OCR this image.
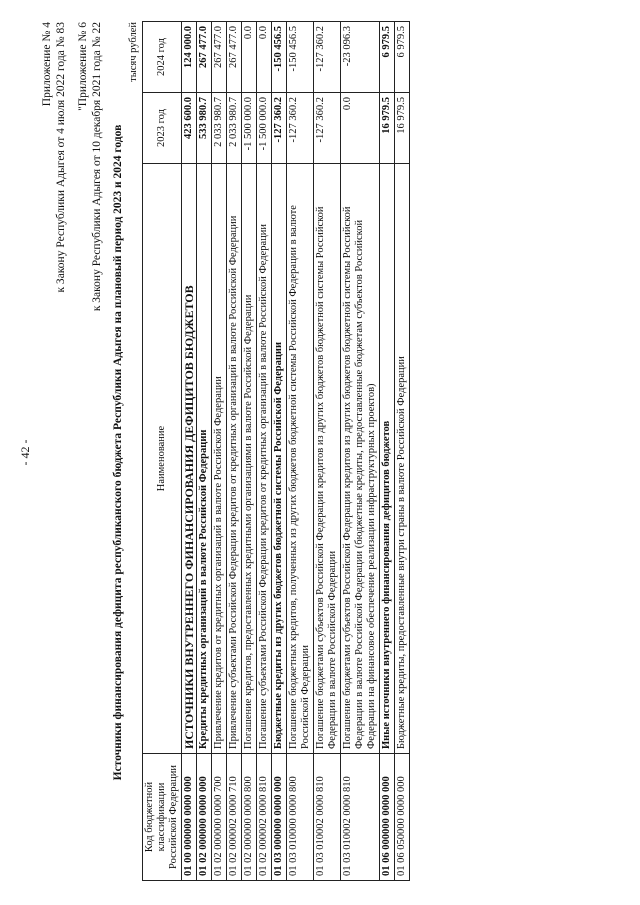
- 42 -
Приложение № 4 к Закону Республики Адыгея от 4 июля 2022 года № 83 "Приложение № 6 к Закону Республики Адыгея от 10 декабря 2021 года № 22 Источники финансирования дефицита республиканского бюджета Республики Адыгея на плановый период 2023 и 2024 годов
тысяч рублей
Код бюджетной классификации Российской Федерации	Наименование	2023 год	2024 год
01 00 000000 0000 000	ИСТОЧНИКИ ВНУТРЕННЕГО ФИНАНСИРОВАНИЯ ДЕФИЦИТОВ БЮДЖЕТОВ	423 600.0	124 000.0
01 02 000000 0000 000	Кредиты кредитных организаций в валюте Российской Федерации	533 980.7	267 477.0
01 02 000000 0000 700	Привлечение кредитов от кредитных организаций в валюте Российской Федерации	2 033 980.7	267 477.0
01 02 000002 0000 710	Привлечение субъектами Российской Федерации кредитов от кредитных организаций в валюте Российской Федерации	2 033 980.7	267 477.0
01 02 000000 0000 800	Погашение кредитов, предоставленных кредитными организациями в валюте Российской Федерации	-1 500 000.0	0.0
01 02 000002 0000 810	Погашение субъектами Российской Федерации кредитов от кредитных организаций в валюте Российской Федерации	-1 500 000.0	0.0
01 03 000000 0000 000	Бюджетные кредиты из других бюджетов бюджетной системы Российской Федерации	-127 360.2	-150 456.5
01 03 010000 0000 800	Погашение бюджетных кредитов, полученных из других бюджетов бюджетной системы Российской Федерации в валюте Российской Федерации	-127 360.2	-150 456.5
01 03 010002 0000 810	Погашение бюджетами субъектов Российской Федерации кредитов из других бюджетов бюджетной системы Российской Федерации в валюте Российской Федерации	-127 360.2	-127 360.2
01 03 010002 0000 810	Погашение бюджетами субъектов Российской Федерации кредитов из других бюджетов бюджетной системы Российской Федерации в валюте Российской Федерации (бюджетные кредиты, предоставленные бюджетам субъектов Российской Федерации на финансовое обеспечение реализации инфраструктурных проектов)	0.0	-23 096.3
01 06 000000 0000 000	Иные источники внутреннего финансирования дефицитов бюджетов	16 979.5	6 979.5
01 06 050000 0000 000	Бюджетные кредиты, предоставленные внутри страны в валюте Российской Федерации	16 979.5	6 979.5
